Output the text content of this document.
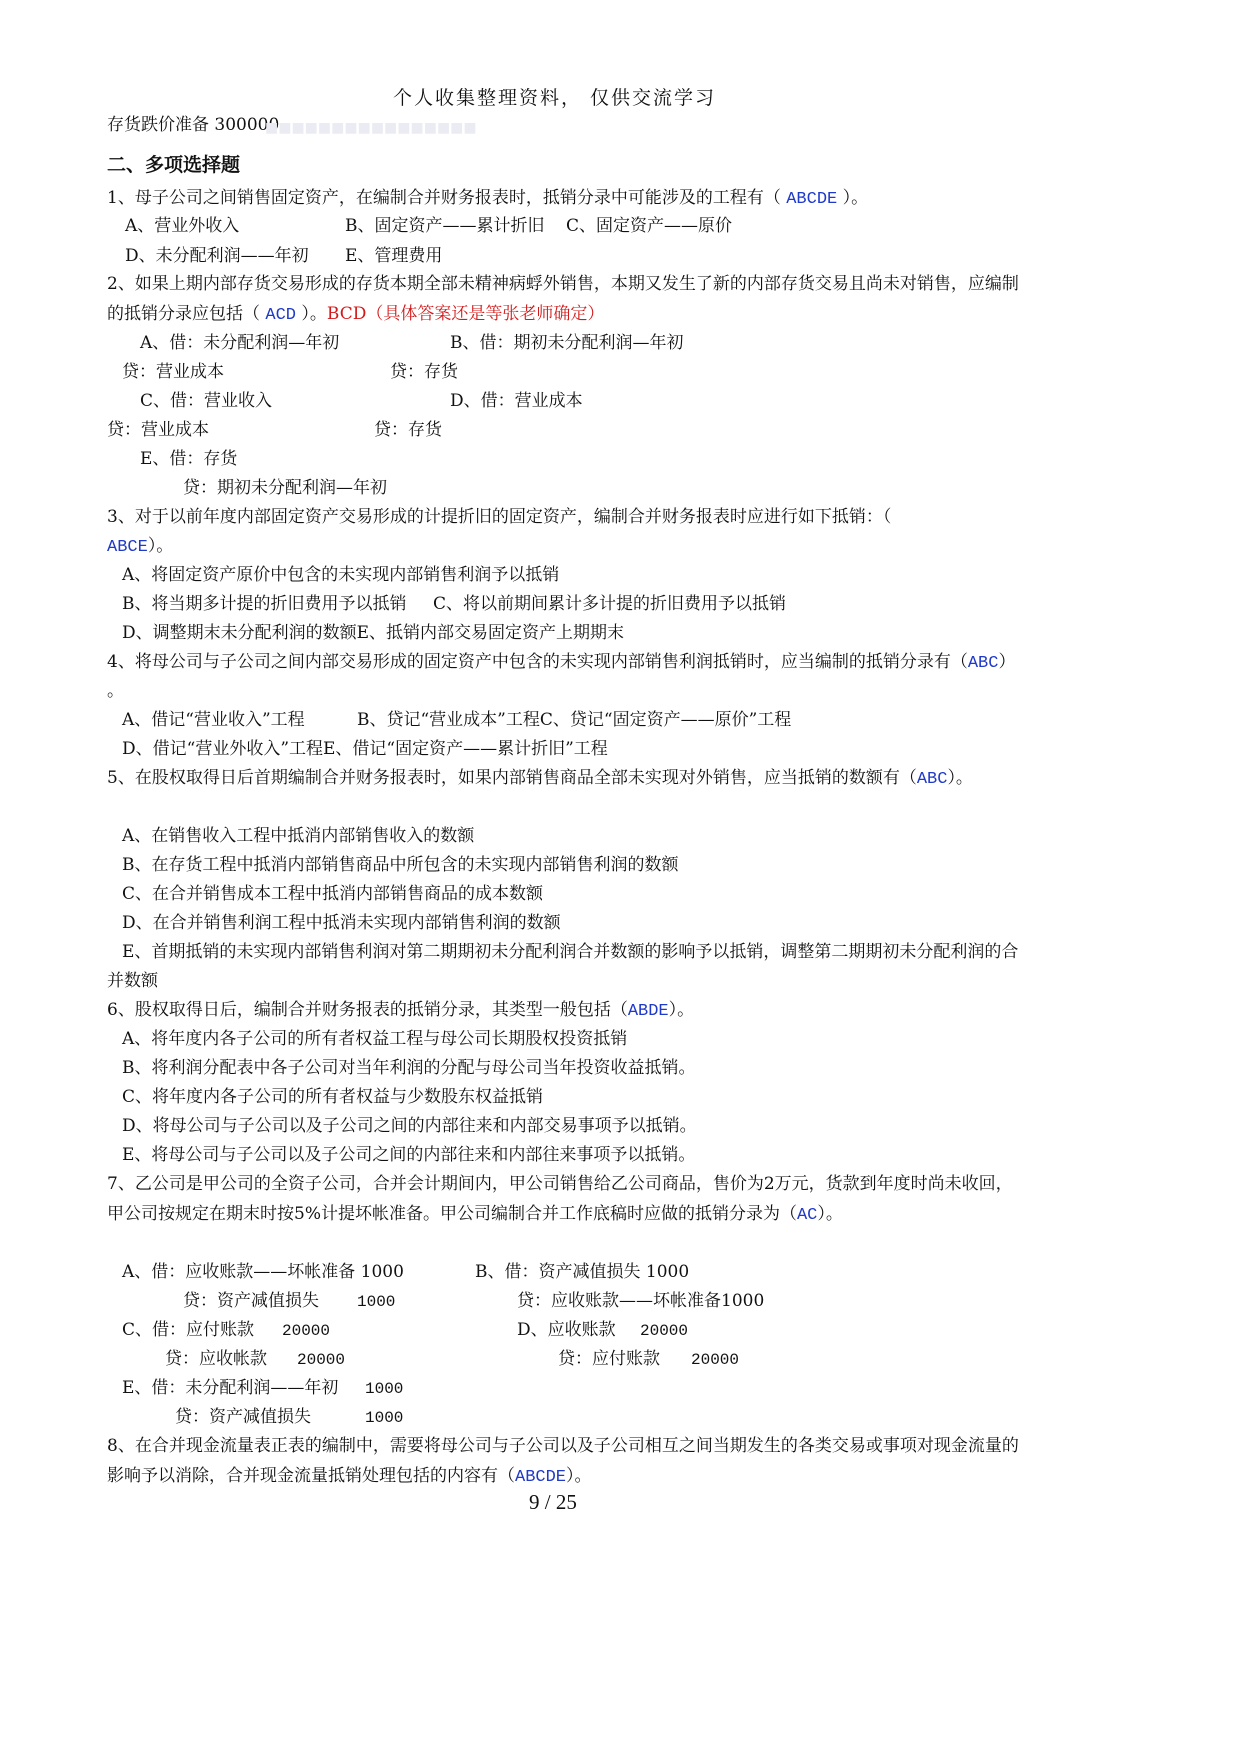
个人收集整理资料， 仅供交流学习
存货跌价准备 300000
■■■■■■■■■■■■■■■■
二、多项选择题
1、母子公司之间销售固定资产，在编制合并财务报表时，抵销分录中可能涉及的工程有（ ABCDE ）。
A、营业外收入	B、固定资产——累计折旧 C、固定资产——原价
D、未分配利润——年初 E、管理费用
2、如果上期内部存货交易形成的存货本期全部未精神病蜉外销售，本期又发生了新的内部存货交易且尚未对销售，应编制
的抵销分录应包括（ ACD ）。BCD（具体答案还是等张老师确定）
A、借：未分配利润—年初	B、借：期初未分配利润—年初
贷：营业成本	贷：存货
C、借：营业收入	D、借：营业成本
贷：营业成本	贷：存货
E、借：存货
贷：期初未分配利润—年初
3、对于以前年度内部固定资产交易形成的计提折旧的固定资产，编制合并财务报表时应进行如下抵销：（
ABCE）。
A、将固定资产原价中包含的未实现内部销售利润予以抵销
B、将当期多计提的折旧费用予以抵销 C、将以前期间累计多计提的折旧费用予以抵销
D、调整期末未分配利润的数额E、抵销内部交易固定资产上期期末
4、将母公司与子公司之间内部交易形成的固定资产中包含的未实现内部销售利润抵销时，应当编制的抵销分录有（ABC）
。
A、借记“营业收入”工程	B、贷记“营业成本”工程C、贷记“固定资产——原价”工程
D、借记“营业外收入”工程E、借记“固定资产——累计折旧”工程
5、在股权取得日后首期编制合并财务报表时，如果内部销售商品全部未实现对外销售，应当抵销的数额有（ABC）。
A、在销售收入工程中抵消内部销售收入的数额
B、在存货工程中抵消内部销售商品中所包含的未实现内部销售利润的数额
C、在合并销售成本工程中抵消内部销售商品的成本数额
D、在合并销售利润工程中抵消未实现内部销售利润的数额
E、首期抵销的未实现内部销售利润对第二期期初未分配利润合并数额的影响予以抵销，调整第二期期初未分配利润的合
并数额
6、股权取得日后，编制合并财务报表的抵销分录，其类型一般包括（ABDE）。
A、将年度内各子公司的所有者权益工程与母公司长期股权投资抵销
B、将利润分配表中各子公司对当年利润的分配与母公司当年投资收益抵销。
C、将年度内各子公司的所有者权益与少数股东权益抵销
D、将母公司与子公司以及子公司之间的内部往来和内部交易事项予以抵销。
E、将母公司与子公司以及子公司之间的内部往来和内部往来事项予以抵销。
7、乙公司是甲公司的全资子公司，合并会计期间内，甲公司销售给乙公司商品，售价为2万元，货款到年度时尚未收回，
甲公司按规定在期末时按5%计提坏帐准备。甲公司编制合并工作底稿时应做的抵销分录为（AC）。
A、借：应收账款——坏帐准备 1000	B、借：资产减值损失 1000
贷：资产减值损失 1000	贷：应收账款——坏帐准备1000
C、借：应付账款 20000	D、应收账款 20000
贷：应收帐款 20000	贷：应付账款 20000
E、借：未分配利润——年初 1000
贷：资产减值损失	1000
8、在合并现金流量表正表的编制中，需要将母公司与子公司以及子公司相互之间当期发生的各类交易或事项对现金流量的
影响予以消除，合并现金流量抵销处理包括的内容有（ABCDE）。
9 / 25
